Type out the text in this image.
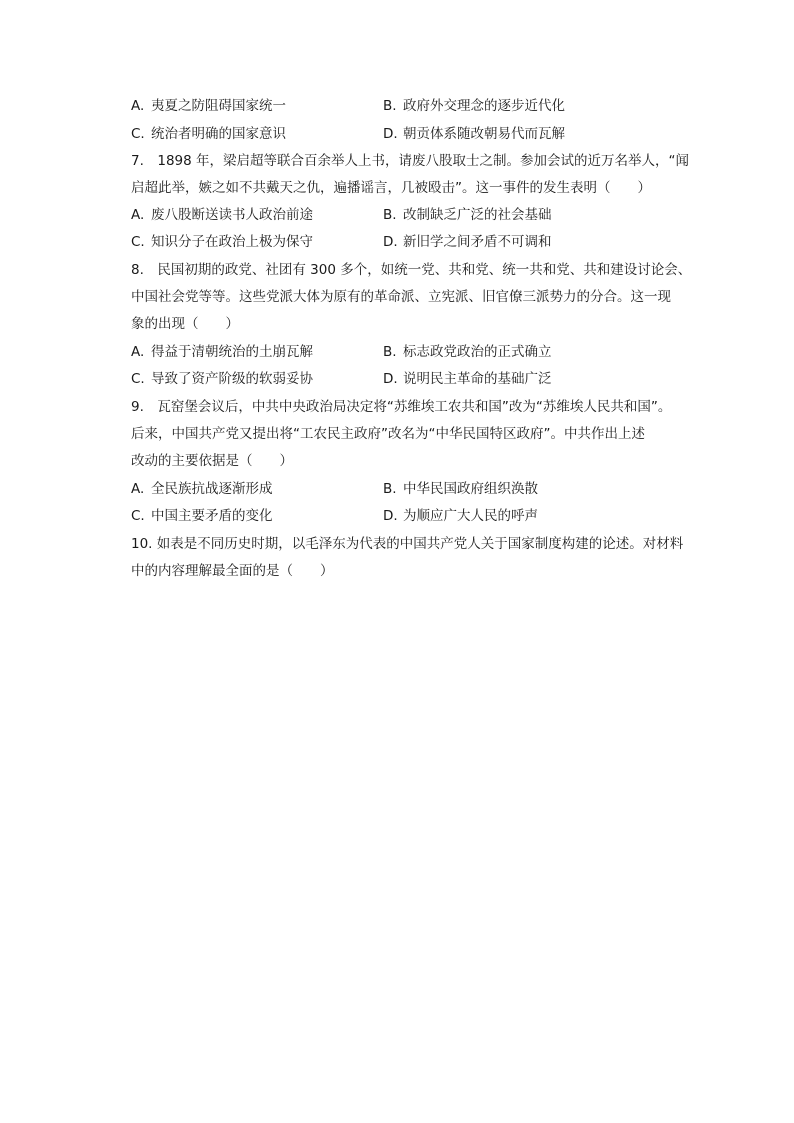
A. 夷夏之防阻碍国家统一	B. 政府外交理念的逐步近代化
C. 统治者明确的国家意识	D. 朝贡体系随改朝易代而瓦解
7.　1898 年，梁启超等联合百余举人上书，请废八股取士之制。参加会试的近万名举人，“闻
启超此举，嫉之如不共戴天之仇，遍播谣言，几被殴击”。这一事件的发生表明（　　）
A. 废八股断送读书人政治前途	B. 改制缺乏广泛的社会基础
C. 知识分子在政治上极为保守	D. 新旧学之间矛盾不可调和
8.　民国初期的政党、社团有 300 多个，如统一党、共和党、统一共和党、共和建设讨论会、
中国社会党等等。这些党派大体为原有的革命派、立宪派、旧官僚三派势力的分合。这一现
象的出现（　　）
A. 得益于清朝统治的土崩瓦解	B. 标志政党政治的正式确立
C. 导致了资产阶级的软弱妥协	D. 说明民主革命的基础广泛
9.　瓦窑堡会议后，中共中央政治局决定将“苏维埃工农共和国”改为“苏维埃人民共和国”。
后来，中国共产党又提出将“工农民主政府”改名为“中华民国特区政府”。中共作出上述
改动的主要依据是（　　）
A. 全民族抗战逐渐形成	B. 中华民国政府组织涣散
C. 中国主要矛盾的变化	D. 为顺应广大人民的呼声
10. 如表是不同历史时期，以毛泽东为代表的中国共产党人关于国家制度构建的论述。对材料
中的内容理解最全面的是（　　）
